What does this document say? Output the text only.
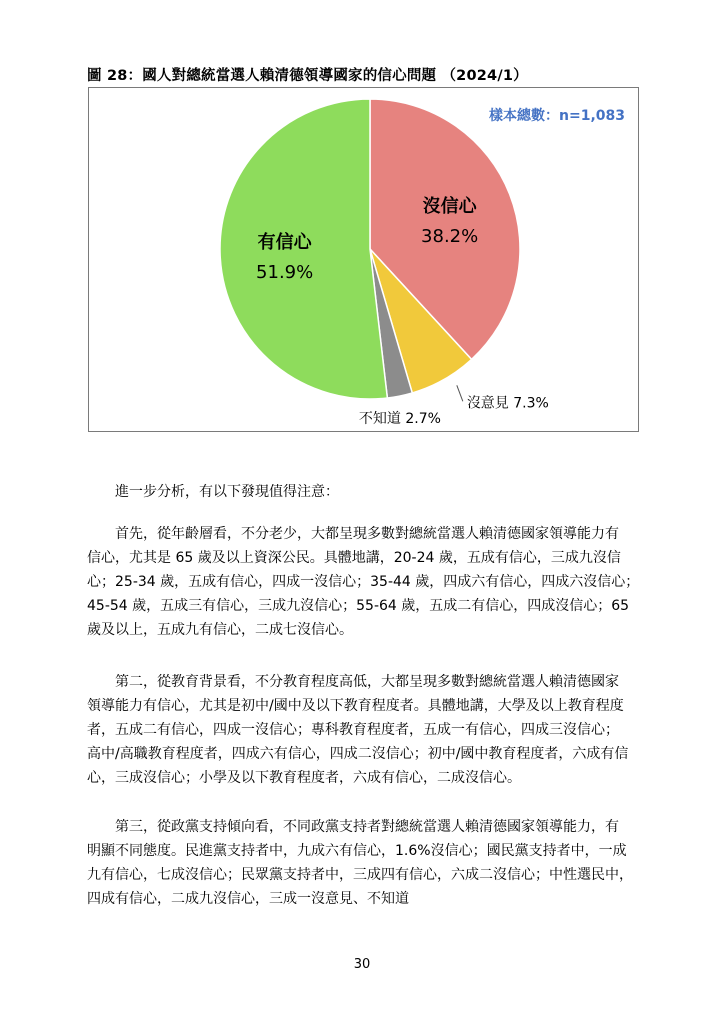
圖 28：國人對總統當選人賴清德領導國家的信心問題 （2024/1）
樣本總數：n=1,083
沒信心
38.2%
有信心
51.9%
沒意見 7.3%
不知道 2.7%

　　進一步分析，有以下發現值得注意：

　　首先，從年齡層看，不分老少，大都呈現多數對總統當選人賴清德國家領導能力有
信心，尤其是 65 歲及以上資深公民。具體地講，20-24 歲，五成有信心，三成九沒信
心；25-34 歲，五成有信心，四成一沒信心；35-44 歲，四成六有信心，四成六沒信心；
45-54 歲，五成三有信心，三成九沒信心；55-64 歲，五成二有信心，四成沒信心；65
歲及以上，五成九有信心，二成七沒信心。

　　第二，從教育背景看，不分教育程度高低，大都呈現多數對總統當選人賴清德國家
領導能力有信心，尤其是初中/國中及以下教育程度者。具體地講，大學及以上教育程度
者，五成二有信心，四成一沒信心；專科教育程度者，五成一有信心，四成三沒信心；
高中/高職教育程度者，四成六有信心，四成二沒信心；初中/國中教育程度者，六成有信
心，三成沒信心；小學及以下教育程度者，六成有信心，二成沒信心。

　　第三，從政黨支持傾向看，不同政黨支持者對總統當選人賴清德國家領導能力，有
明顯不同態度。民進黨支持者中，九成六有信心，1.6%沒信心；國民黨支持者中，一成
九有信心，七成沒信心；民眾黨支持者中，三成四有信心，六成二沒信心；中性選民中，
四成有信心，二成九沒信心，三成一沒意見、不知道

30
